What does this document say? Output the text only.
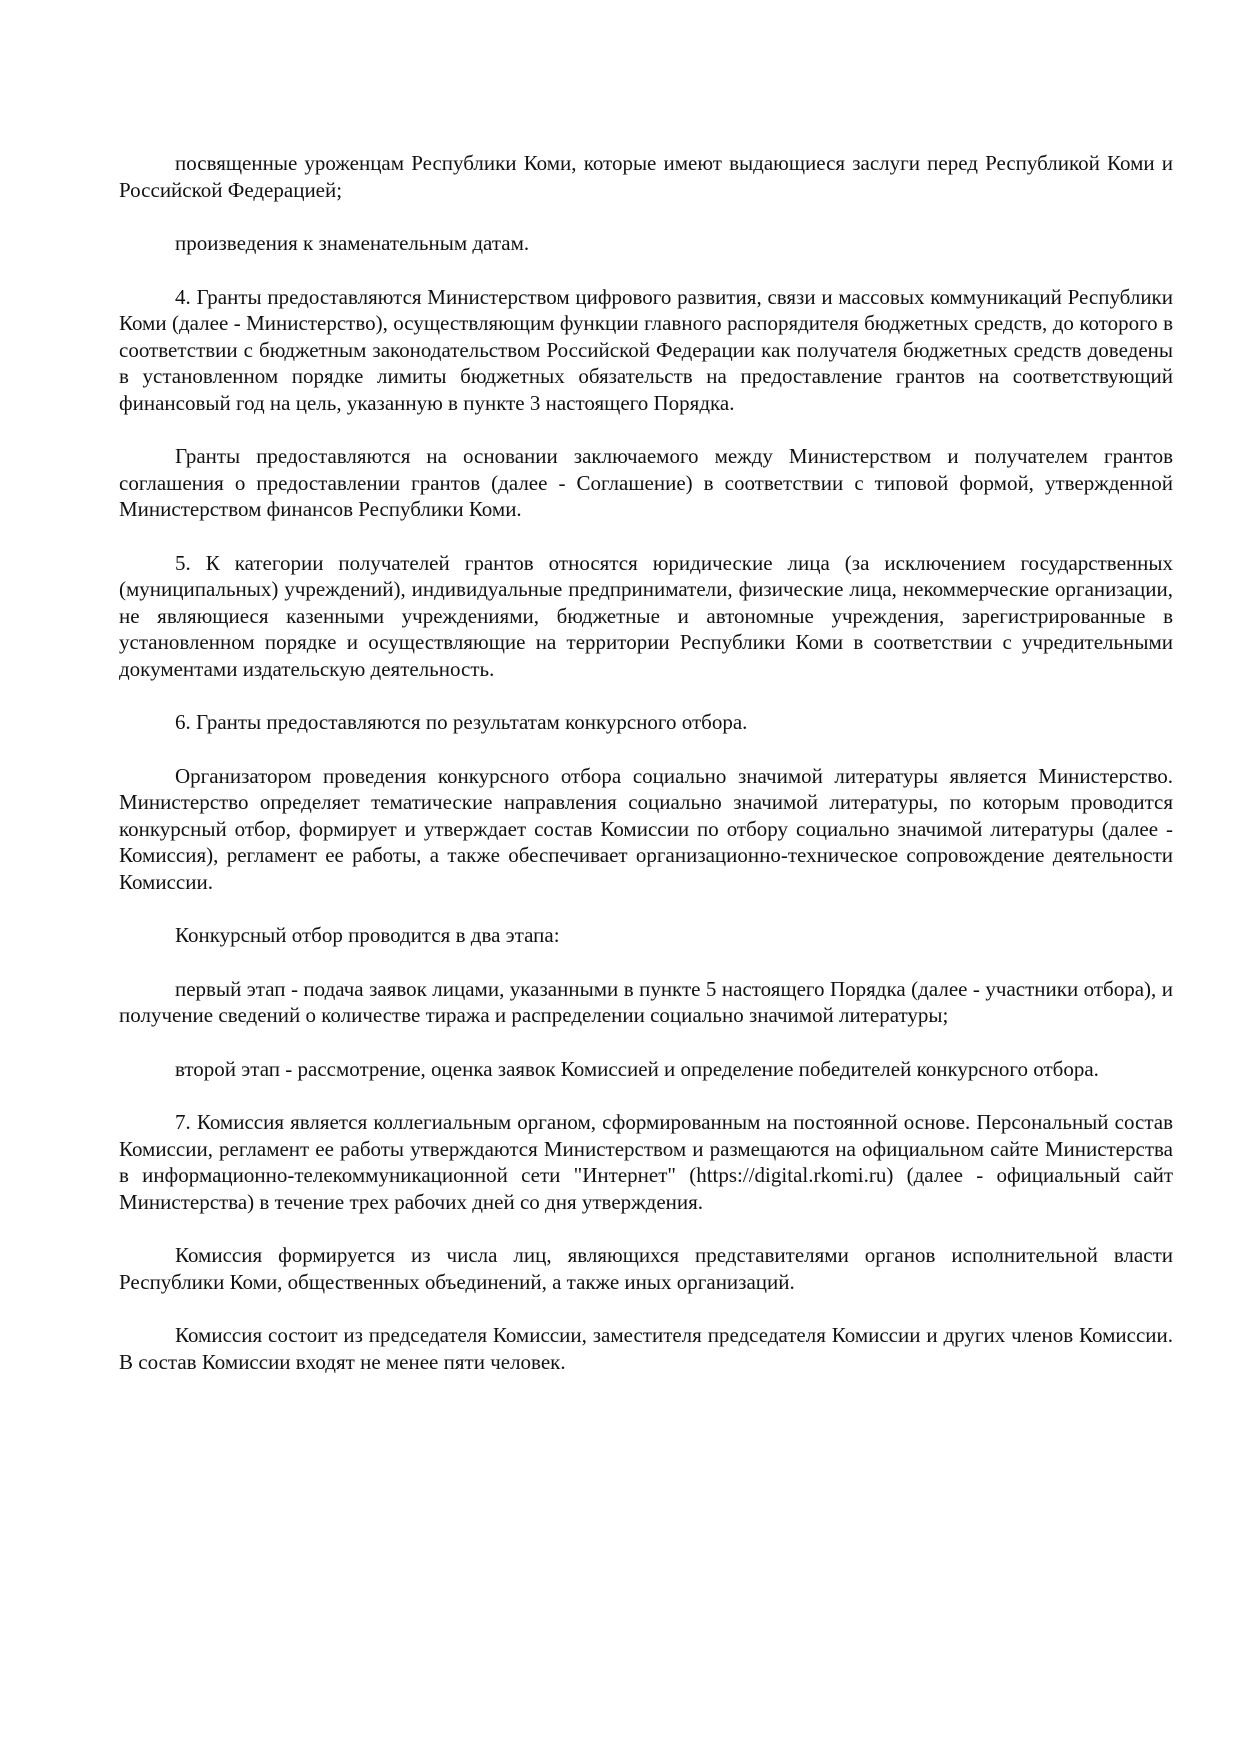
посвященные уроженцам Республики Коми, которые имеют выдающиеся заслуги перед Республикой Коми и Российской Федерацией;

произведения к знаменательным датам.

4. Гранты предоставляются Министерством цифрового развития, связи и массовых коммуникаций Республики Коми (далее - Министерство), осуществляющим функции главного распорядителя бюджетных средств, до которого в соответствии с бюджетным законодательством Российской Федерации как получателя бюджетных средств доведены в установленном порядке лимиты бюджетных обязательств на предоставление грантов на соответствующий финансовый год на цель, указанную в пункте 3 настоящего Порядка.

Гранты предоставляются на основании заключаемого между Министерством и получателем грантов соглашения о предоставлении грантов (далее - Соглашение) в соответствии с типовой формой, утвержденной Министерством финансов Республики Коми.

5. К категории получателей грантов относятся юридические лица (за исключением государственных (муниципальных) учреждений), индивидуальные предприниматели, физические лица, некоммерческие организации, не являющиеся казенными учреждениями, бюджетные и автономные учреждения, зарегистрированные в установленном порядке и осуществляющие на территории Республики Коми в соответствии с учредительными документами издательскую деятельность.

6. Гранты предоставляются по результатам конкурсного отбора.

Организатором проведения конкурсного отбора социально значимой литературы является Министерство. Министерство определяет тематические направления социально значимой литературы, по которым проводится конкурсный отбор, формирует и утверждает состав Комиссии по отбору социально значимой литературы (далее - Комиссия), регламент ее работы, а также обеспечивает организационно-техническое сопровождение деятельности Комиссии.

Конкурсный отбор проводится в два этапа:

первый этап - подача заявок лицами, указанными в пункте 5 настоящего Порядка (далее - участники отбора), и получение сведений о количестве тиража и распределении социально значимой литературы;

второй этап - рассмотрение, оценка заявок Комиссией и определение победителей конкурсного отбора.

7. Комиссия является коллегиальным органом, сформированным на постоянной основе. Персональный состав Комиссии, регламент ее работы утверждаются Министерством и размещаются на официальном сайте Министерства в информационно-телекоммуникационной сети "Интернет" (https://digital.rkomi.ru) (далее - официальный сайт Министерства) в течение трех рабочих дней со дня утверждения.

Комиссия формируется из числа лиц, являющихся представителями органов исполнительной власти Республики Коми, общественных объединений, а также иных организаций.

Комиссия состоит из председателя Комиссии, заместителя председателя Комиссии и других членов Комиссии. В состав Комиссии входят не менее пяти человек.
